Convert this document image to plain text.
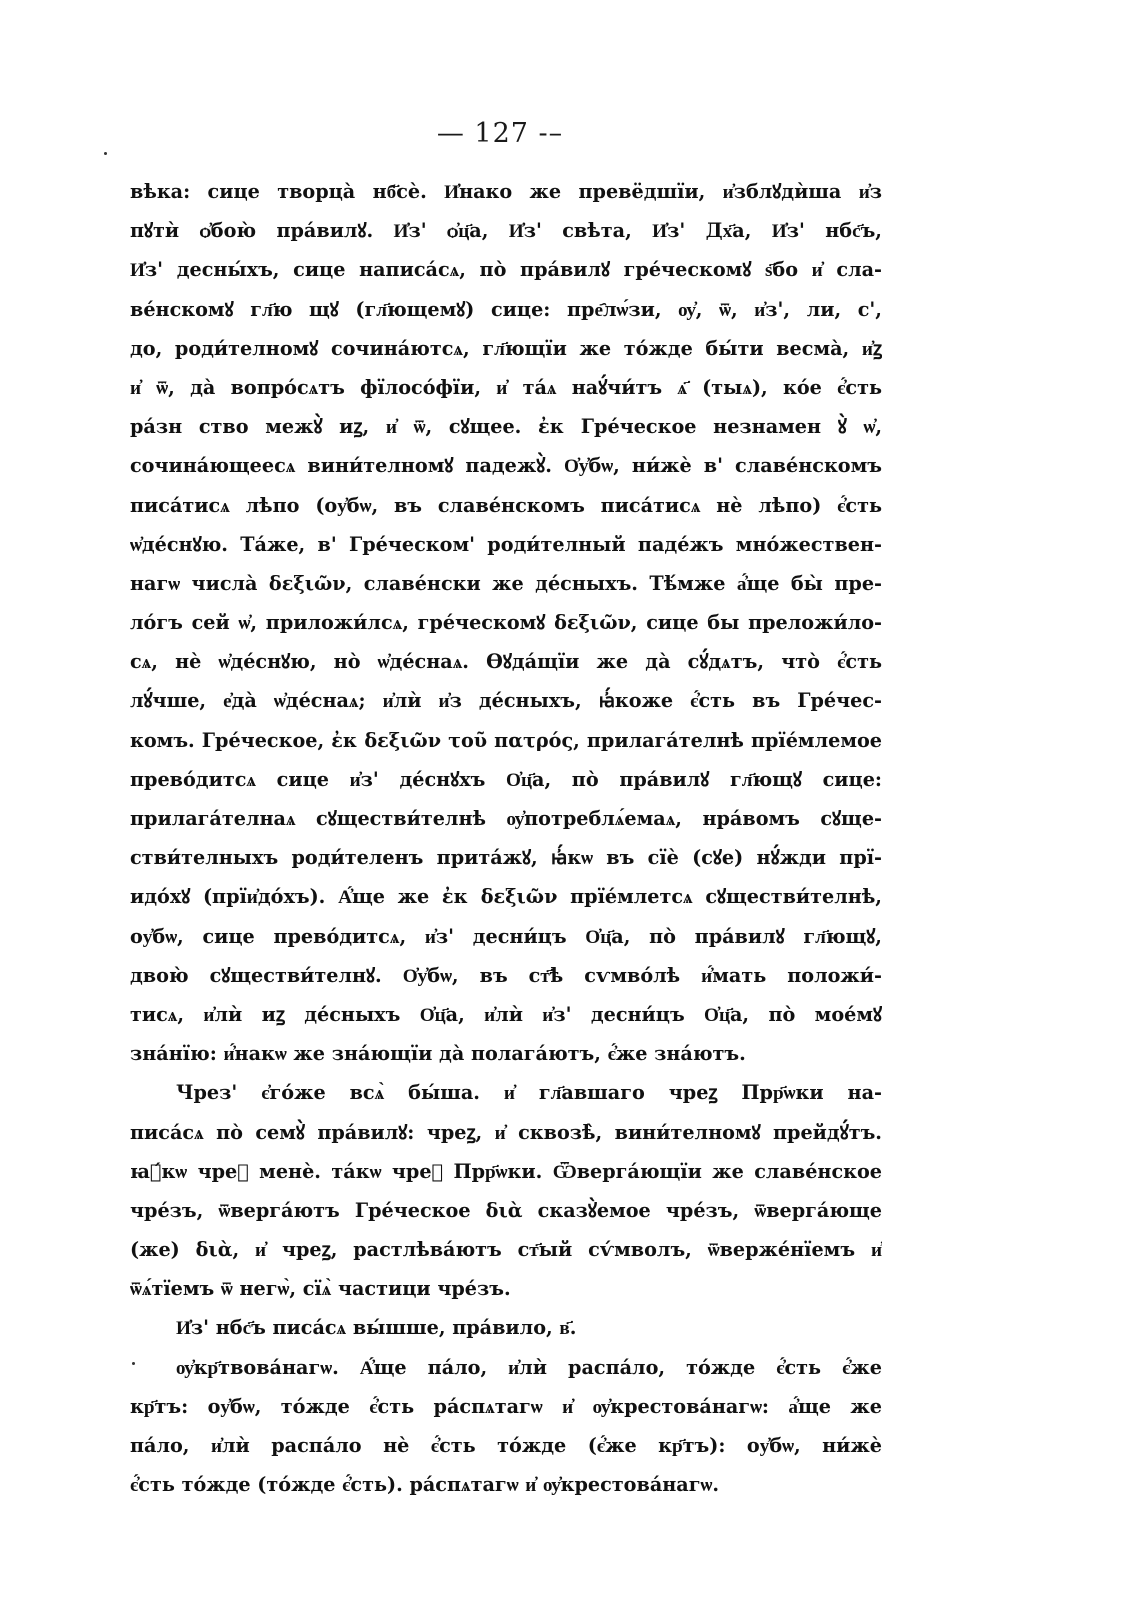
— 127 -–
вѣка: сице творца̀ нб҃сѐ. И҆нако же превёдшїи, и҆зблꙋдѝша и҆з
пꙋтѝ ѻ҆бою̀ пра́вилꙋ. И҆з' ѻ҆ц҃а, И҆з' свѣта, И҆з' Дх҃а, И҆з' нбс҃ъ,
И҆з' десны́хъ, сице написа́сѧ, по̀ пра́вилꙋ гре́ческомꙋ ѕ҃бо и҆ сла-
ве́нскомꙋ гл҃ю щꙋ (гл҃ющемꙋ) сице: пре҄лѡ́зи, ѹ҆, ѿ, и҆з', ли, с',
до, роди́телномꙋ сочина́ютсѧ, гл҃ющїи же то́жде бы́ти весма̀, и҆ꙁ
и҆ ѿ, да̀ вопро́сѧтъ фїлосо́фїи, и҆ та́ѧ наꙋ́чи́тъ ѧ҃ (тыѧ), ко́е є҆́сть
ра́зн ство межꙋ̀ иꙁ, и҆ ѿ, сꙋщее. ἐκ Гре́ческое незнамен ꙋ̀ ѡ҆,
сочина́ющеесѧ вини́телномꙋ падежꙋ̀. О҆у҆бѡ, ни́жѐ в' славе́нскомъ
писа́тисѧ лѣпо (оу҆бѡ, въ славе́нскомъ писа́тисѧ нѐ лѣпо) є҆́сть
ѡ҆де́снꙋю. Та́же, в' Гре́ческом' роди́телный паде́жъ мно́жествен-
нагѡ числа̀ δεξιῶν, славе́нски же де́сныхъ. Тѣ́мже а҆́ще бы̀ пре-
ло́гъ сей ѡ҆, приложи́лсѧ, гре́ческомꙋ δεξιῶν, сице бы преложи́ло-
сѧ, нѐ ѡ҆де́снꙋю, но̀ ѡ҆де́снаѧ. Ѳꙋда́щїи же да̀ сꙋ́дѧтъ, что̀ є҆́сть
лꙋ́чше, е҆да̀ ѡ҆де́снаѧ; и҆лѝ и҆з де́сныхъ, ꙗ҆́коже є҆́сть въ Гре́чес-
комъ. Гре́ческое, ἐκ δεξιῶν τοῦ πατρός, прилага́телнѣ прїе́млемое
прево́дитсѧ сице и҆з' де́снꙋхъ О҆ц҃а, по̀ пра́вилꙋ гл҃ющꙋ сице:
прилага́телнаѧ сꙋществи́телнѣ ѹ҆потреблѧ́емаѧ, нра́вомъ сꙋще-
стви́телныхъ роди́теленъ прита́жꙋ, ꙗ҆́кѡ въ сїѐ (сꙋе) нꙋ́жди прї-
идо́хꙋ (прїи҆до́хъ). А҆́ще же ἐκ δεξιῶν прїе́млетсѧ сꙋществи́телнѣ,
оу҆бѡ, сице прево́дитсѧ, и҆з' десни́цъ О҆ц҃а, по̀ пра́вилꙋ гл҃ющꙋ,
двою̀ сꙋществи́телнꙋ. О҆у҆бѡ, въ ст҃ѣ сѵмво́лѣ и҆́мать положи́-
тисѧ, и҆лѝ иꙁ де́сныхъ О҆ц҃а, и҆лѝ и҆з' десни́цъ О҆ц҃а, по̀ мое́мꙋ
зна́нїю: и҆́накѡ же зна́ющїи да̀ полага́ютъ, є҆́же зна́ютъ.
Чрез' є҆го́же всѧ̀ бы́ша. и҆ гл҃авшаго чреꙁ Прр҃ѡки на-
писа́сѧ по̀ семꙋ̀ пра́вилꙋ: чреꙁ, и҆ сквозѣ̀, вини́телномꙋ прейдꙋ́тъ.
ꙗ҆́кѡ чреꙁ менѐ. та́кѡ чреꙁ Прр҃ѡки. Ѿверга́ющїи же славе́нское
чре́зъ, ѿверга́ютъ Гре́ческое διὰ сказꙋ̀емое чре́зъ, ѿверга́юще
(же) διὰ, и҆ чреꙁ, растлѣва́ютъ ст҃ый сѵ́мволъ, ѿверже́нїемъ и҆
ѿѧ́тїемъ ѿ негѡ̀, сїѧ̀ частици чре́зъ.
И҆з' нбс҃ъ писа́сѧ вы́шше, пра́вило, в҃.
ѹ҆кр҃твова́нагѡ. А҆́ще па́ло, и҆лѝ распа́ло, то́жде є҆́сть є҆́же
кр҃тъ: оу҆бѡ, то́жде є҆́сть ра́спѧтагѡ и҆ ѹ҆крестова́нагѡ: а҆́ще же
па́ло, и҆лѝ распа́ло нѐ є҆́сть то́жде (є҆́же кр҃тъ): оу҆бѡ, ни́жѐ
є҆́сть то́жде (то́жде є҆́сть). ра́спѧтагѡ и҆ ѹ҆крестова́нагѡ.
